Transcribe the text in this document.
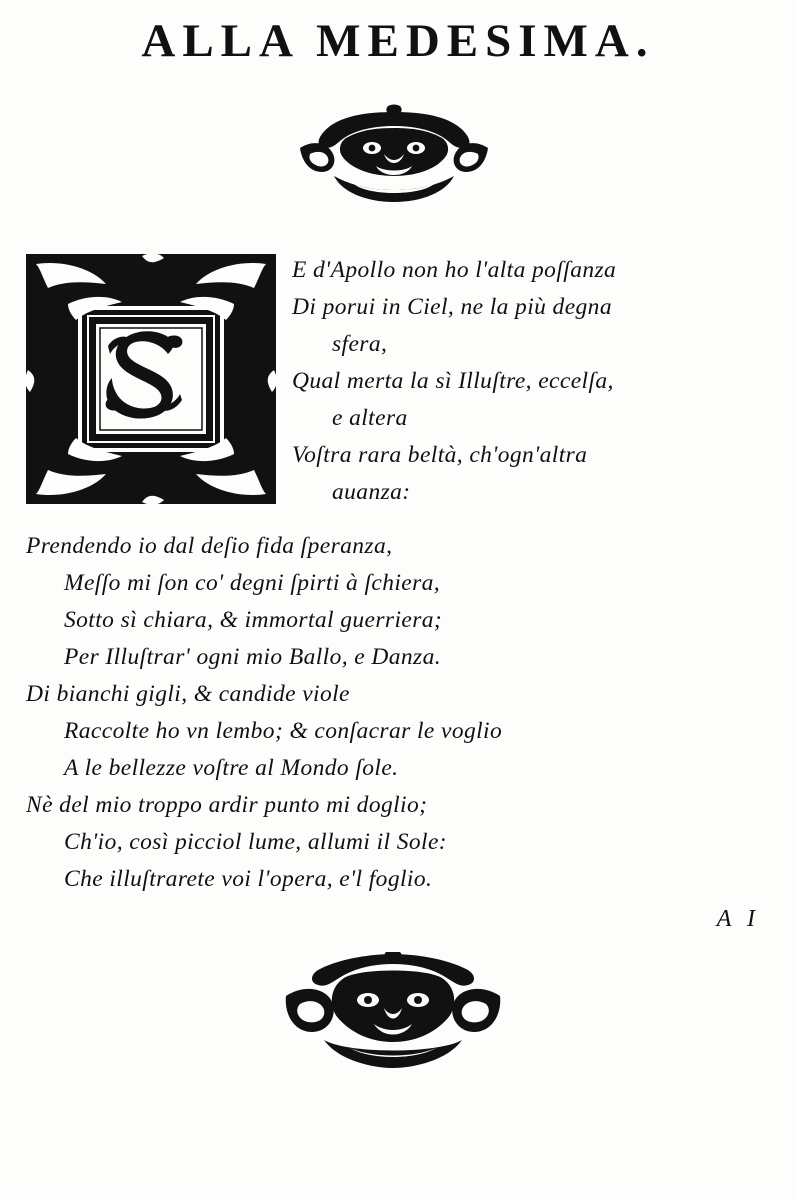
ALLA MEDESIMA.
E d'Apollo non ho l'alta poſſanza
Di porui in Ciel, ne la più degna
sfera,
Qual merta la sì Illuſtre, eccelſa,
e altera
Voſtra rara beltà, ch'ogn'altra
auanza:
Prendendo io dal deſio fida ſperanza,
Meſſo mi ſon co' degni ſpirti à ſchiera,
Sotto sì chiara, & immortal guerriera;
Per Illuſtrar' ogni mio Ballo, e Danza.
Di bianchi gigli, & candide viole
Raccolte ho vn lembo; & conſacrar le voglio
A le bellezze voſtre al Mondo ſole.
Nè del mio troppo ardir punto mi doglio;
Ch'io, così picciol lume, allumi il Sole:
Che illuſtrarete voi l'opera, e'l foglio.
A I
